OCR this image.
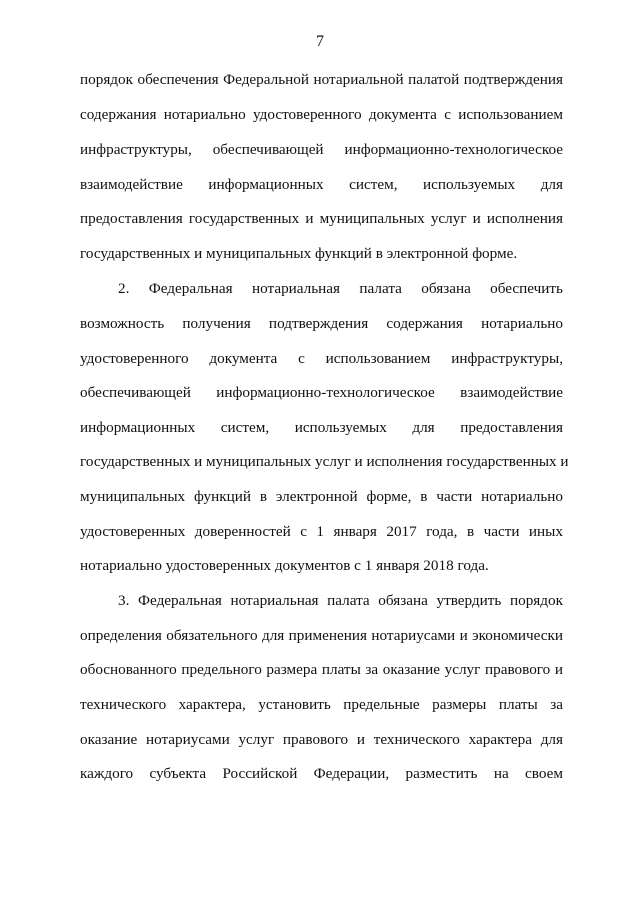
7
порядок обеспечения Федеральной нотариальной палатой подтверждения
содержания нотариально удостоверенного документа с использованием
инфраструктуры, обеспечивающей информационно-технологическое
взаимодействие информационных систем, используемых для
предоставления государственных и муниципальных услуг и исполнения
государственных и муниципальных функций в электронной форме.
2. Федеральная нотариальная палата обязана обеспечить
возможность получения подтверждения содержания нотариально
удостоверенного документа с использованием инфраструктуры,
обеспечивающей информационно-технологическое взаимодействие
информационных систем, используемых для предоставления
государственных и муниципальных услуг и исполнения государственных и
муниципальных функций в электронной форме, в части нотариально
удостоверенных доверенностей с 1 января 2017 года, в части иных
нотариально удостоверенных документов с 1 января 2018 года.
3. Федеральная нотариальная палата обязана утвердить порядок
определения обязательного для применения нотариусами и экономически
обоснованного предельного размера платы за оказание услуг правового и
технического характера, установить предельные размеры платы за
оказание нотариусами услуг правового и технического характера для
каждого субъекта Российской Федерации, разместить на своем
